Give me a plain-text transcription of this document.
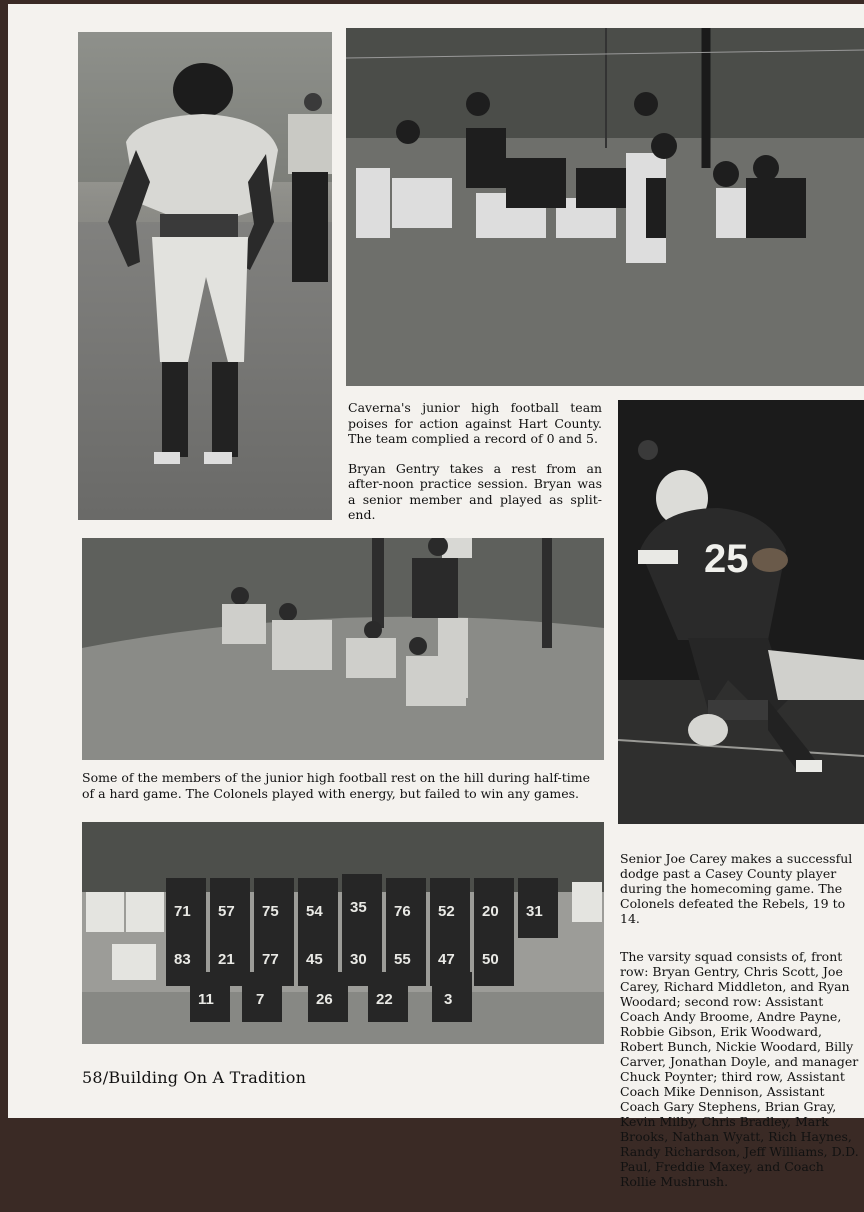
Caverna's junior high football team poises for action against Hart County. The team complied a record of 0 and 5.

Bryan Gentry takes a rest from an after-noon practice session. Bryan was a senior member and played as split-end.

25

Some of the members of the junior high football rest on the hill during half-time of a hard game. The Colonels played with energy, but failed to win any games.

71 57 75 54 35 76 52 20 31
83 21 77 45 30 55 47 50
11	7	26	22	3

Senior Joe Carey makes a successful dodge past a Casey County player during the homecoming game. The Colonels defeated the Rebels, 19 to 14.

The varsity squad consists of, front row: Bryan Gentry, Chris Scott, Joe Carey, Richard Middleton, and Ryan Woodard; second row: Assistant Coach Andy Broome, Andre Payne, Robbie Gibson, Erik Woodward, Robert Bunch, Nickie Woodard, Billy Carver, Jonathan Doyle, and manager Chuck Poynter; third row, Assistant Coach Mike Dennison, Assistant Coach Gary Stephens, Brian Gray, Kevin Milby, Chris Bradley, Mark Brooks, Nathan Wyatt, Rich Haynes, Randy Richardson, Jeff Williams, D.D. Paul, Freddie Maxey, and Coach Rollie Mushrush.

58/Building On A Tradition
